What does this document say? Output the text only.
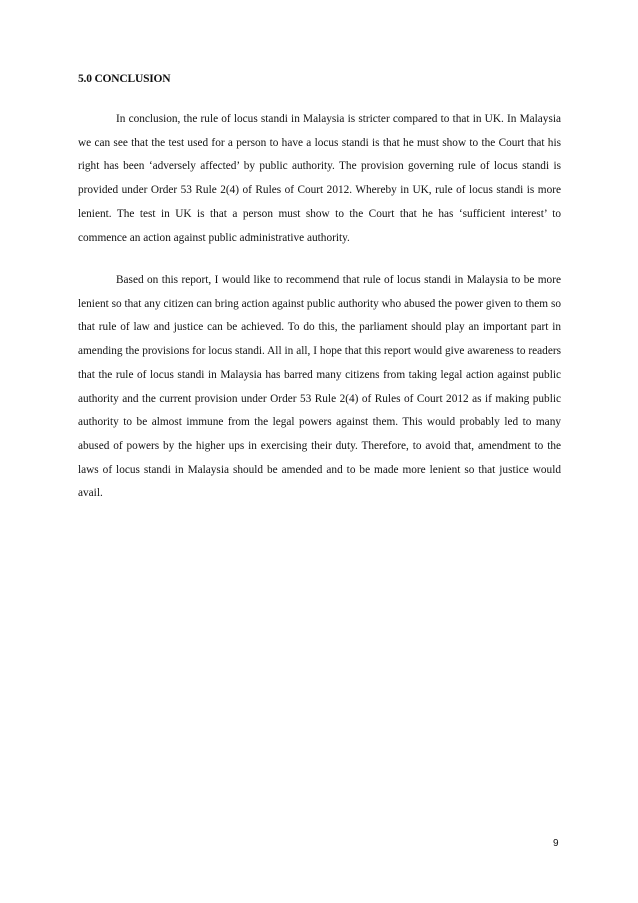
5.0 CONCLUSION

In conclusion, the rule of locus standi in Malaysia is stricter compared to that in UK. In Malaysia we can see that the test used for a person to have a locus standi is that he must show to the Court that his right has been ‘adversely affected’ by public authority. The provision governing rule of locus standi is provided under Order 53 Rule 2(4) of Rules of Court 2012. Whereby in UK, rule of locus standi is more lenient. The test in UK is that a person must show to the Court that he has ‘sufficient interest’ to commence an action against public administrative authority.

Based on this report, I would like to recommend that rule of locus standi in Malaysia to be more lenient so that any citizen can bring action against public authority who abused the power given to them so that rule of law and justice can be achieved. To do this, the parliament should play an important part in amending the provisions for locus standi. All in all, I hope that this report would give awareness to readers that the rule of locus standi in Malaysia has barred many citizens from taking legal action against public authority and the current provision under Order 53 Rule 2(4) of Rules of Court 2012 as if making public authority to be almost immune from the legal powers against them. This would probably led to many abused of powers by the higher ups in exercising their duty. Therefore, to avoid that, amendment to the laws of locus standi in Malaysia should be amended and to be made more lenient so that justice would avail.

9
